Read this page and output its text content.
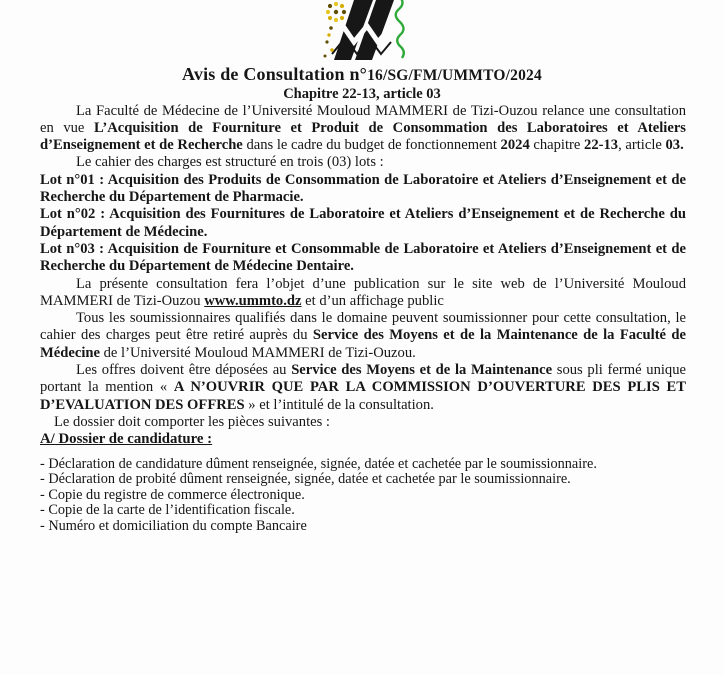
Avis de Consultation n°16/SG/FM/UMMTO/2024
Chapitre 22-13, article 03

La Faculté de Médecine de l’Université Mouloud MAMMERI de Tizi-Ouzou relance une consultation en vue L’Acquisition de Fourniture et Produit de Consommation des Laboratoires et Ateliers d’Enseignement et de Recherche dans le cadre du budget de fonctionnement 2024 chapitre 22-13, article 03.

Le cahier des charges est structuré en trois (03) lots :

Lot n°01 : Acquisition des Produits de Consommation de Laboratoire et Ateliers d’Enseignement et de Recherche du Département de Pharmacie.

Lot n°02 : Acquisition des Fournitures de Laboratoire et Ateliers d’Enseignement et de Recherche du Département de Médecine.

Lot n°03 : Acquisition de Fourniture et Consommable de Laboratoire et Ateliers d’Enseignement et de Recherche du Département de Médecine Dentaire.

La présente consultation fera l’objet d’une publication sur le site web de l’Université Mouloud MAMMERI de Tizi-Ouzou www.ummto.dz et d’un affichage public

Tous les soumissionnaires qualifiés dans le domaine peuvent soumissionner pour cette consultation, le cahier des charges peut être retiré auprès du Service des Moyens et de la Maintenance de la Faculté de Médecine de l’Université Mouloud MAMMERI de Tizi-Ouzou.

Les offres doivent être déposées au Service des Moyens et de la Maintenance sous pli fermé unique portant la mention « A N’OUVRIR QUE PAR LA COMMISSION D’OUVERTURE DES PLIS ET D’EVALUATION DES OFFRES » et l’intitulé de la consultation.

Le dossier doit comporter les pièces suivantes :

A/ Dossier de candidature :

- Déclaration de candidature dûment renseignée, signée, datée et cachetée par le soumissionnaire.

- Déclaration de probité dûment renseignée, signée, datée et cachetée par le soumissionnaire.

- Copie du registre de commerce électronique.

- Copie de la carte de l’identification fiscale.

- Numéro et domiciliation du compte Bancaire
